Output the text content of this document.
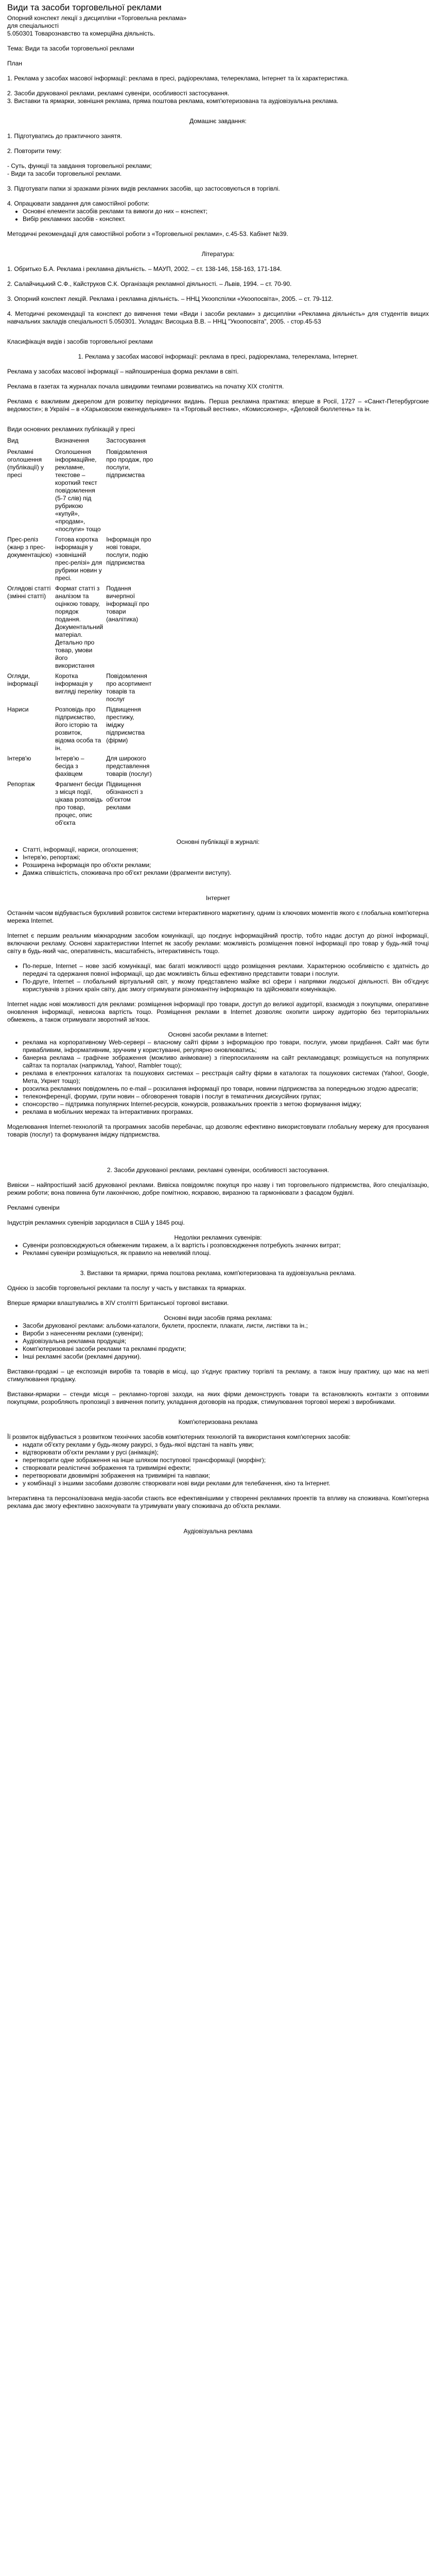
Види та засоби торговельної реклами

Опорний конспект лекції з дисципліни «Торговельна реклама»

для спеціальності

5.050301 Товарознавство та комерційна діяльність.

Тема: Види та засоби торговельної реклами

План

1. Реклама у засобах масової інформації: реклама в пресі, радіореклама, телереклама, Інтернет та їх характеристика.

2. Засоби друкованої реклами, рекламні сувеніри, особливості застосування.

3. Виставки та ярмарки, зовнішня реклама, пряма поштова реклама, комп'ютеризована та аудіовізуальна реклама.

Домашнє завдання:

1. Підготуватись до практичного занятя.

2. Повторити тему:

- Суть, функції та завдання торговельної реклами;

- Види та засоби торговельної реклами.

3. Підготувати папки зі зразками різних видів рекламних засобів, що застосовуються в торгівлі.

4. Опрацювати завдання для самостійної роботи:

• Основні елементи засобів реклами та вимоги до них – конспект;
• Вибір рекламних засобів - конспект.

Методичні рекомендації для самостійної роботи з «Торговельної реклами», с.45-53. Кабінет №39.

Література:

1. Обритько Б.А. Реклама і рекламна діяльність. – МАУП, 2002. – ст. 138-146, 158-163, 171-184.

2. Салайчицький С.Ф., Кайструков С.К. Організація рекламної діяльності. – Львів, 1994. – ст. 70-90.

3. Опорний конспект лекцій. Реклама і рекламна діяльність. – ННЦ Укоопспілки «Укоопосвіта», 2005. – ст. 79-112.

4. Методичні рекомендації та конспект до вивчення теми «Види і засоби реклами» з дисципліни «Рекламна діяльність» для студентів вищих навчальних закладів спеціальності 5.050301. Укладач: Висоцька В.В. – ННЦ "Укоопосвіта", 2005. - стор.45-53

Класифікація видів і засобів торговельної реклами

1. Реклама у засобах масової інформації: реклама в пресі, радіореклама, телереклама, Інтернет.

Реклама у засобах масової інформації – найпоширеніша форма реклами в світі.

Реклама в газетах та журналах почала швидкими темпами розвиватись на початку XIX століття.

Реклама є важливим джерелом для розвитку періодичних видань. Перша рекламна практика: вперше в Росії, 1727 – «Санкт-Петербургские ведомости»; в Україні – в «Харьковском еженедельнике» та «Торговый вестник», «Комиссионер», «Деловой бюллетень» та ін.

Види основних рекламних публікацій у пресі

Вид	Визначення	Застосування
Рекламні оголошення (публікації) у пресі	Оголошення інформаційне, рекламне, текстове – короткий текст повідомлення (5-7 слів) під рубрикою «купуй», «продам», «послуги» тощо	Повідомлення про продаж, про послуги, підприємства
Прес-реліз (жанр з прес-документацією)	Готова коротка інформація у «зовнішній прес-релізі» для рубрики новин у пресі.	Інформація про нові товари, послуги, подію підприємства
Оглядові статті (змінні статті)	Формат статті з аналізом та оцінкою товару, порядок подання. Документальний матеріал. Детально про товар, умови його використання	Подання вичерпної інформації про товари (аналітика)
Огляди, інформації	Коротка інформація у вигляді переліку	Повідомлення про асортимент товарів та послуг
Нариси	Розповідь про підприємство, його історію та розвиток, відома особа та ін.	Підвищення престижу, іміджу підприємства (фірми)
Інтерв'ю	Інтерв'ю – бесіда з фахівцем	Для широкого представлення товарів (послуг)
Репортаж	Фрагмент бесіди з місця події, цікава розповідь про товар, процес, опис об'єкта	Підвищення обізнаності з об'єктом реклами

Основні публікації в журналі:

• Статті, інформації, нариси, оголошення;
• Інтерв'ю, репортажі;
• Розширена інформація про об'єкти реклами;
• Дамжа співшістість, споживача про об'єкт реклами (фрагменти виступу).

Інтернет

Останнім часом відбувається бурхливий розвиток системи інтерактивного маркетингу, одним із ключових моментів якого є глобальна комп'ютерна мережа Internet.

Internet є першим реальним міжнародним засобом комунікації, що поєднує інформаційний простір, тобто надає доступ до різної інформації, включаючи рекламу. Основні характеристики Internet як засобу реклами: можливість розміщення повної інформації про товар у будь-якій точці світу в будь-який час, оперативність, масштабність, інтерактивність тощо.

• По-перше, Internet – нове засіб комунікації, має багаті можливості щодо розміщення реклами. Характерною особливістю є здатність до передачі та одержання повної інформації, що дає можливість більш ефективно представити товари і послуги.
• По-друге, Internet – глобальний віртуальний світ, у якому представлено майже всі сфери і напрямки людської діяльності. Він об'єднує користувачів з різних країн світу, дає змогу отримувати різноманітну інформацію та здійснювати комунікацію.

Internet надає нові можливості для реклами: розміщення інформації про товари, доступ до великої аудиторії, взаємодія з покупцями, оперативне оновлення інформації, невисока вартість тощо. Розміщення реклами в Internet дозволяє охопити широку аудиторію без територіальних обмежень, а також отримувати зворотний зв'язок.

Основні засоби реклами в Internet:

• реклама на корпоративному Web-сервері – власному сайті фірми з інформацією про товари, послуги, умови придбання. Сайт має бути привабливим, інформативним, зручним у користуванні, регулярно оновлюватись;
• банерна реклама – графічне зображення (можливо анімоване) з гіперпосиланням на сайт рекламодавця; розміщується на популярних сайтах та порталах (наприклад, Yahoo!, Rambler тощо);
• реклама в електронних каталогах та пошукових системах – реєстрація сайту фірми в каталогах та пошукових системах (Yahoo!, Google, Мета, Укрнет тощо);
• розсилка рекламних повідомлень по e-mail – розсилання інформації про товари, новини підприємства за попередньою згодою адресатів;
• телеконференції, форуми, групи новин – обговорення товарів і послуг в тематичних дискусійних групах;
• спонсорство – підтримка популярних Internet-ресурсів, конкурсів, розважальних проектів з метою формування іміджу;
• реклама в мобільних мережах та інтерактивних програмах.

Моделювання Internet-технологій та програмних засобів перебачає, що дозволяє ефективно використовувати глобальну мережу для просування товарів (послуг) та формування іміджу підприємства.

2. Засоби друкованої реклами, рекламні сувеніри, особливості застосування.

Вивіски – найпростіший засіб друкованої реклами. Вивіска повідомляє покупця про назву і тип торговельного підприємства, його спеціалізацію, режим роботи; вона повинна бути лаконічною, добре помітною, яскравою, виразною та гармоніювати з фасадом будівлі.

Рекламні сувеніри

Індустрія рекламних сувенірів зародилася в США у 1845 році.

Недоліки рекламних сувенірів:

• Сувеніри розповсюджуються обмеженим тиражем, а їх вартість і розповсюдження потребують значних витрат;
• Рекламні сувеніри розміщуються, як правило на невеликій площі.

3. Виставки та ярмарки, пряма поштова реклама, комп'ютеризована та аудіовізуальна реклама.

Однією із засобів торговельної реклами та послуг у часть у виставках та ярмарках.

Вперше ярмарки влаштувались в XIV столітті Британської торгової виставки.

Основні види засобів пряма реклама:

• Засоби друкованої реклами: альбоми-каталоги, буклети, проспекти, плакати, листи, листівки та ін.;
• Вироби з нанесенням реклами (сувеніри);
• Аудіовізуальна рекламна продукція;
• Комп'ютеризовані засоби реклами та рекламні продукти;
• Інші рекламні засоби (рекламні дарунки).

Виставки-продажі – це експозиція виробів та товарів в місці, що з'єднує практику торгівлі та рекламу, а також іншу практику, що має на меті стимулювання продажу.

Виставки-ярмарки – стенди місця – рекламно-торгові заходи, на яких фірми демонструють товари та встановлюють контакти з оптовими покупцями, розробляють пропозиції з вивчення попиту, укладання договорів на продаж, стимулювання торгової мережі з виробниками.

Комп'ютеризована реклама

Її розвиток відбувається з розвитком технічних засобів комп'ютерних технологій та використання комп'ютерних засобів:

• надати об'єкту реклами у будь-якому ракурсі, з будь-якої відстані та навіть уяви;
• відтворювати об'єкти реклами у русі (анімація);
• перетворити одне зображення на інше шляхом поступової трансформації (морфінг);
• створювати реалістичні зображення та тривимірні ефекти;
• перетворювати двовимірні зображення на тривимірні та навпаки;
• у комбінації з іншими засобами дозволяє створювати нові види реклами для телебачення, кіно та Інтернет.

Інтерактивна та персоналізована медіа-засоби стають все ефективнішими у створенні рекламних проектів та впливу на споживача. Комп'ютерна реклама дає змогу ефективно заохочувати та утримувати увагу споживача до об'єкта реклами.

Аудіовізуальна реклама
